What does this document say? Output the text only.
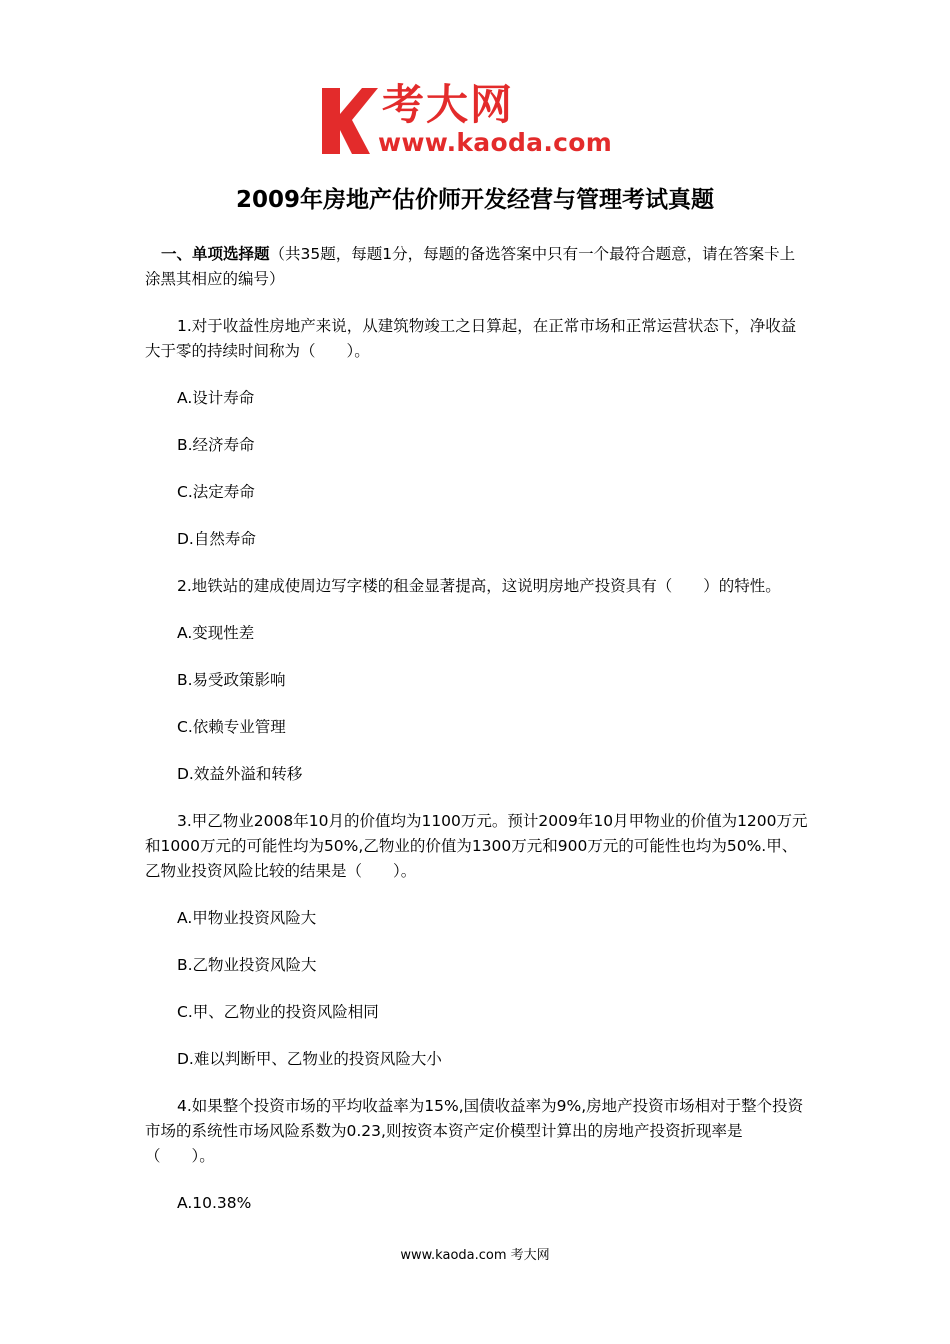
考大网
www.kaoda.com
2009年房地产估价师开发经营与管理考试真题

一、单项选择题（共35题，每题1分，每题的备选答案中只有一个最符合题意，请在答案卡上涂黑其相应的编号）

1.对于收益性房地产来说，从建筑物竣工之日算起，在正常市场和正常运营状态下，净收益大于零的持续时间称为（　　）。

A.设计寿命

B.经济寿命

C.法定寿命

D.自然寿命

2.地铁站的建成使周边写字楼的租金显著提高，这说明房地产投资具有（　　）的特性。

A.变现性差

B.易受政策影响

C.依赖专业管理

D.效益外溢和转移

3.甲乙物业2008年10月的价值均为1100万元。预计2009年10月甲物业的价值为1200万元和1000万元的可能性均为50%,乙物业的价值为1300万元和900万元的可能性也均为50%.甲、乙物业投资风险比较的结果是（　　）。

A.甲物业投资风险大

B.乙物业投资风险大

C.甲、乙物业的投资风险相同

D.难以判断甲、乙物业的投资风险大小

4.如果整个投资市场的平均收益率为15%,国债收益率为9%,房地产投资市场相对于整个投资市场的系统性市场风险系数为0.23,则按资本资产定价模型计算出的房地产投资折现率是（　　）。

A.10.38%

www.kaoda.com 考大网
